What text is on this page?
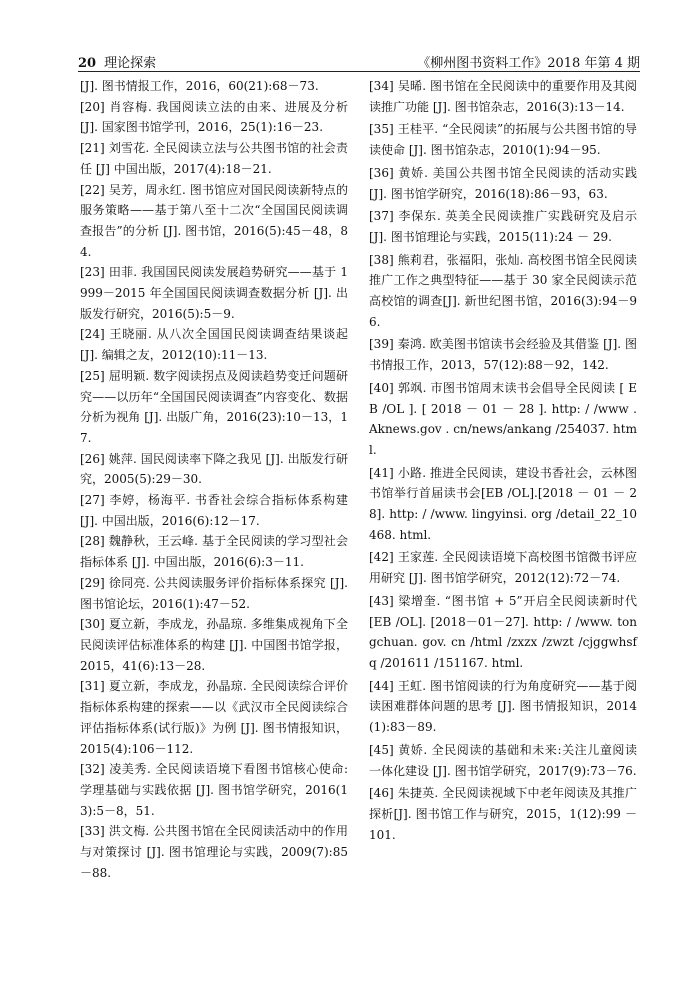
20 理论探索	《柳州图书资料工作》2018 年第 4 期
[J]. 图书情报工作，2016，60(21):68－73.
[20] 肖容梅. 我国阅读立法的由来、进展及分析 [J]. 国家图书馆学刊，2016，25(1):16－23.
[21] 刘雪花. 全民阅读立法与公共图书馆的社会责任 [J] 中国出版，2017(4):18－21.
[22] 吴芳，周永红. 图书馆应对国民阅读新特点的服务策略——基于第八至十二次“全国国民阅读调查报告”的分析 [J]. 图书馆，2016(5):45－48，84.
[23] 田菲. 我国国民阅读发展趋势研究——基于 1999－2015 年全国国民阅读调查数据分析 [J]. 出版发行研究，2016(5):5－9.
[24] 王晓丽. 从八次全国国民阅读调查结果谈起 [J]. 编辑之友，2012(10):11－13.
[25] 屈明颖. 数字阅读拐点及阅读趋势变迁问题研究——以历年“全国国民阅读调查”内容变化、数据分析为视角 [J]. 出版广角，2016(23):10－13，17.
[26] 姚萍. 国民阅读率下降之我见 [J]. 出版发行研究，2005(5):29－30.
[27] 李婷，杨海平. 书香社会综合指标体系构建 [J]. 中国出版，2016(6):12－17.
[28] 魏静秋，王云峰. 基于全民阅读的学习型社会指标体系 [J]. 中国出版，2016(6):3－11.
[29] 徐同亮. 公共阅读服务评价指标体系探究 [J]. 图书馆论坛，2016(1):47－52.
[30] 夏立新，李成龙，孙晶琼. 多维集成视角下全民阅读评估标准体系的构建 [J]. 中国图书馆学报，2015，41(6):13－28.
[31] 夏立新，李成龙，孙晶琼. 全民阅读综合评价指标体系构建的探索——以《武汉市全民阅读综合评估指标体系(试行版)》为例 [J]. 图书情报知识，2015(4):106－112.
[32] 凌美秀. 全民阅读语境下看图书馆核心使命:学理基础与实践依据 [J]. 图书馆学研究，2016(13):5－8，51.
[33] 洪文梅. 公共图书馆在全民阅读活动中的作用与对策探讨 [J]. 图书馆理论与实践，2009(7):85－88.
[34] 吴晞. 图书馆在全民阅读中的重要作用及其阅读推广功能 [J]. 图书馆杂志，2016(3):13－14.
[35] 王桂平. “全民阅读”的拓展与公共图书馆的导读使命 [J]. 图书馆杂志，2010(1):94－95.
[36] 黄娇. 美国公共图书馆全民阅读的活动实践 [J]. 图书馆学研究，2016(18):86－93，63.
[37] 李保东. 英美全民阅读推广实践研究及启示[J]. 图书馆理论与实践，2015(11):24 － 29.
[38] 熊莉君，张福阳，张灿. 高校图书馆全民阅读推广工作之典型特征——基于 30 家全民阅读示范高校馆的调查[J]. 新世纪图书馆，2016(3):94－96.
[39] 秦鸿. 欧美图书馆读书会经验及其借鉴 [J]. 图书情报工作，2013，57(12):88－92，142.
[40] 郭飒. 市图书馆周末读书会倡导全民阅读 [ EB /OL ]. [ 2018 － 01 － 28 ]. http: / /www . Aknews.gov . cn/news/ankang /254037. html.
[41] 小路. 推进全民阅读，建设书香社会，云林图书馆举行首届读书会[EB /OL].[2018 － 01 － 28]. http: / /www. lingyinsi. org /detail_22_10468. html.
[42] 王家莲. 全民阅读语境下高校图书馆微书评应用研究 [J]. 图书馆学研究，2012(12):72－74.
[43] 梁增奎. “图书馆 + 5”开启全民阅读新时代 [EB /OL]. [2018－01－27]. http: / /www. tongchuan. gov. cn /html /zxzx /zwzt /cjggwhsfq /201611 /151167. html.
[44] 王虹. 图书馆阅读的行为角度研究——基于阅读困难群体问题的思考 [J]. 图书情报知识，2014(1):83－89.
[45] 黄娇. 全民阅读的基础和未来:关注儿童阅读一体化建设 [J]. 图书馆学研究，2017(9):73－76.
[46] 朱捷英. 全民阅读视域下中老年阅读及其推广探析[J]. 图书馆工作与研究，2015，1(12):99 － 101.
